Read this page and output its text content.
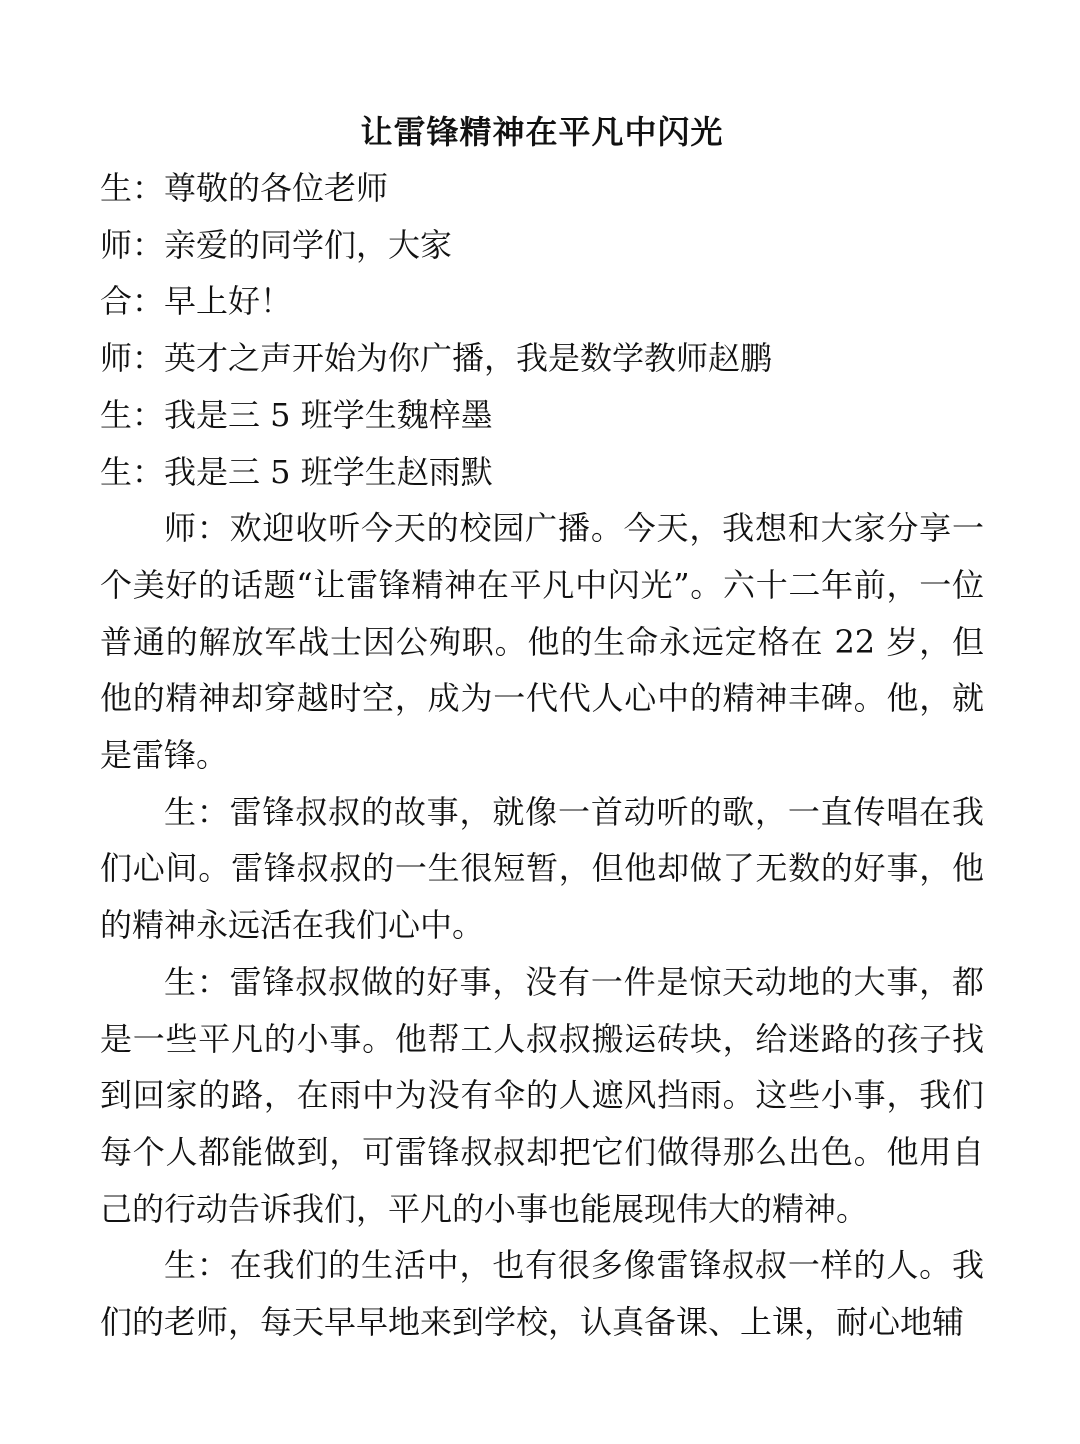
让雷锋精神在平凡中闪光

生：尊敬的各位老师

师：亲爱的同学们，大家

合：早上好！

师：英才之声开始为你广播，我是数学教师赵鹏

生：我是三 5 班学生魏梓墨

生：我是三 5 班学生赵雨默

师：欢迎收听今天的校园广播。今天，我想和大家分享一个美好的话题“让雷锋精神在平凡中闪光”。六十二年前，一位普通的解放军战士因公殉职。他的生命永远定格在 22 岁，但他的精神却穿越时空，成为一代代人心中的精神丰碑。他，就是雷锋。

生：雷锋叔叔的故事，就像一首动听的歌，一直传唱在我们心间。雷锋叔叔的一生很短暂，但他却做了无数的好事，他的精神永远活在我们心中。

生：雷锋叔叔做的好事，没有一件是惊天动地的大事，都是一些平凡的小事。他帮工人叔叔搬运砖块，给迷路的孩子找到回家的路，在雨中为没有伞的人遮风挡雨。这些小事，我们每个人都能做到，可雷锋叔叔却把它们做得那么出色。他用自己的行动告诉我们，平凡的小事也能展现伟大的精神。

生：在我们的生活中，也有很多像雷锋叔叔一样的人。我们的老师，每天早早地来到学校，认真备课、上课，耐心地辅
